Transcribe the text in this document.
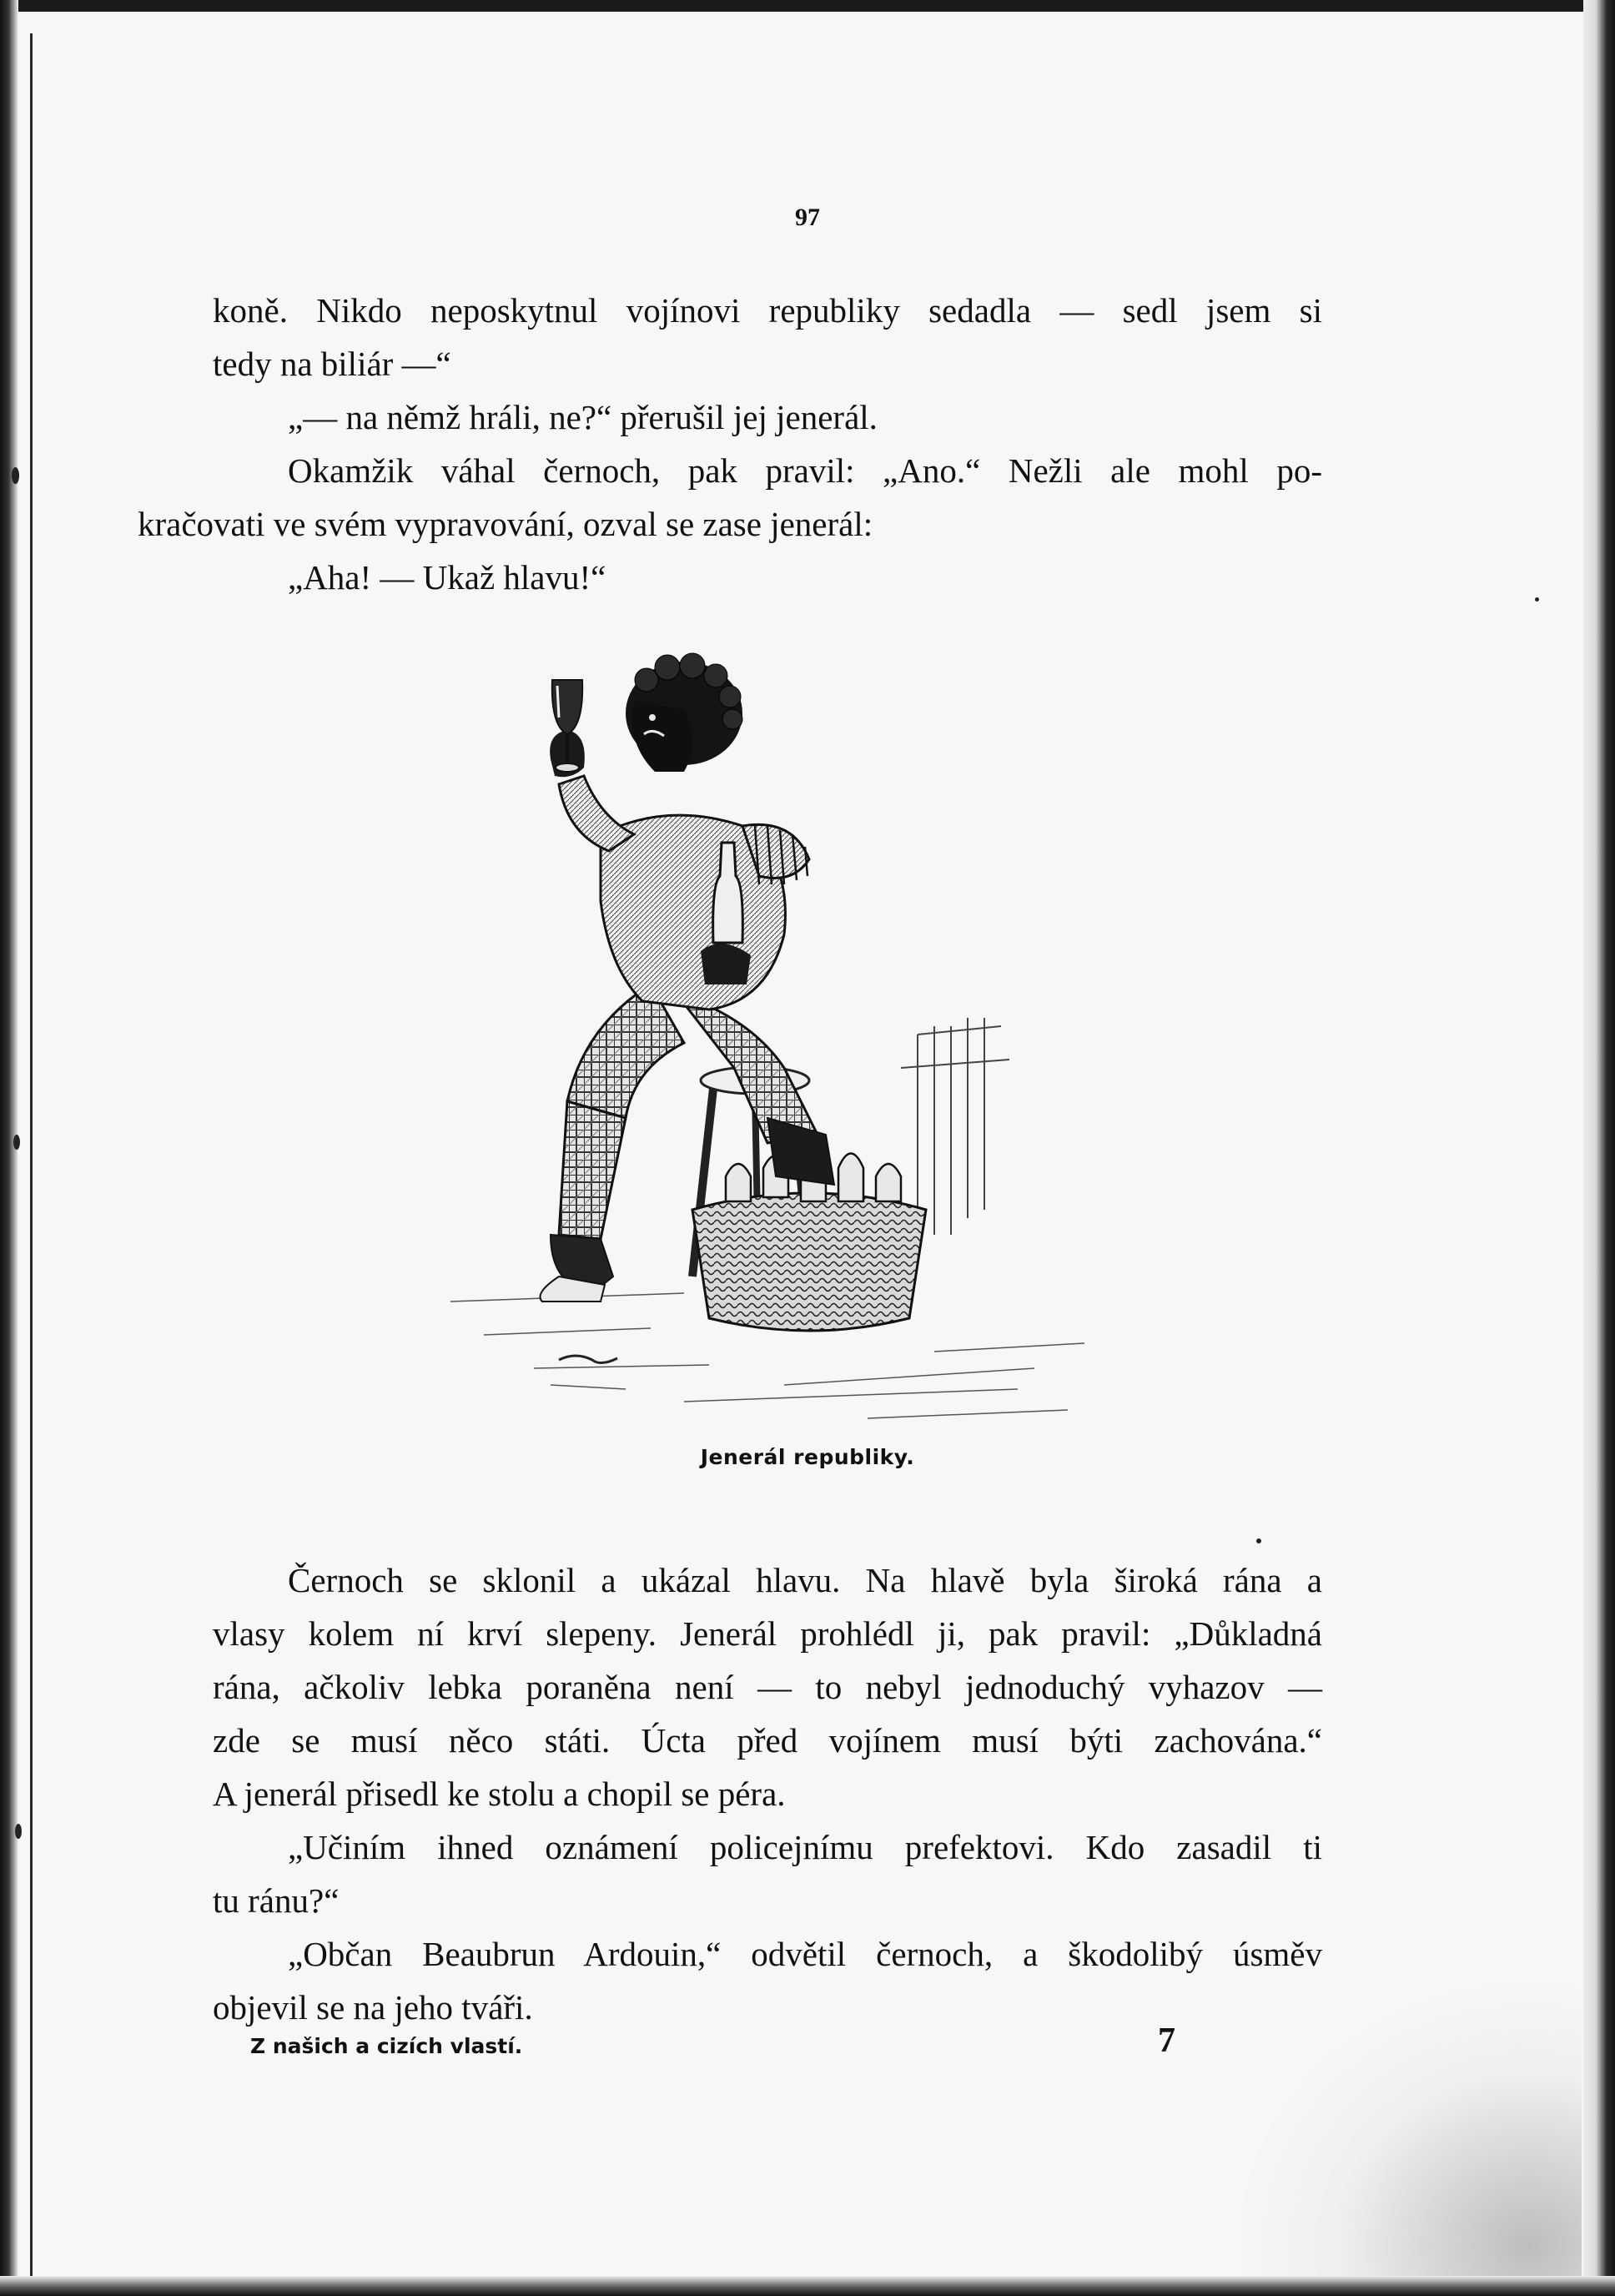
97

koně. Nikdo neposkytnul vojínovi republiky sedadla — sedl jsem si
tedy na biliár —“

„— na němž hráli, ne?“ přerušil jej jenerál.

Okamžik váhal černoch, pak pravil: „Ano.“ Nežli ale mohl po-
kračovati ve svém vypravování, ozval se zase jenerál:

„Aha! — Ukaž hlavu!“

Jenerál republiky.

Černoch se sklonil a ukázal hlavu. Na hlavě byla široká rána a
vlasy kolem ní krví slepeny. Jenerál prohlédl ji, pak pravil: „Důkladná
rána, ačkoliv lebka poraněna není — to nebyl jednoduchý vyhazov —
zde se musí něco státi. Úcta před vojínem musí býti zachována.“
A jenerál přisedl ke stolu a chopil se péra.

„Učiním ihned oznámení policejnímu prefektovi. Kdo zasadil ti
tu ránu?“

„Občan Beaubrun Ardouin,“ odvětil černoch, a škodolibý úsměv
objevil se na jeho tváři.

Z našich a cizích vlastí.	7
